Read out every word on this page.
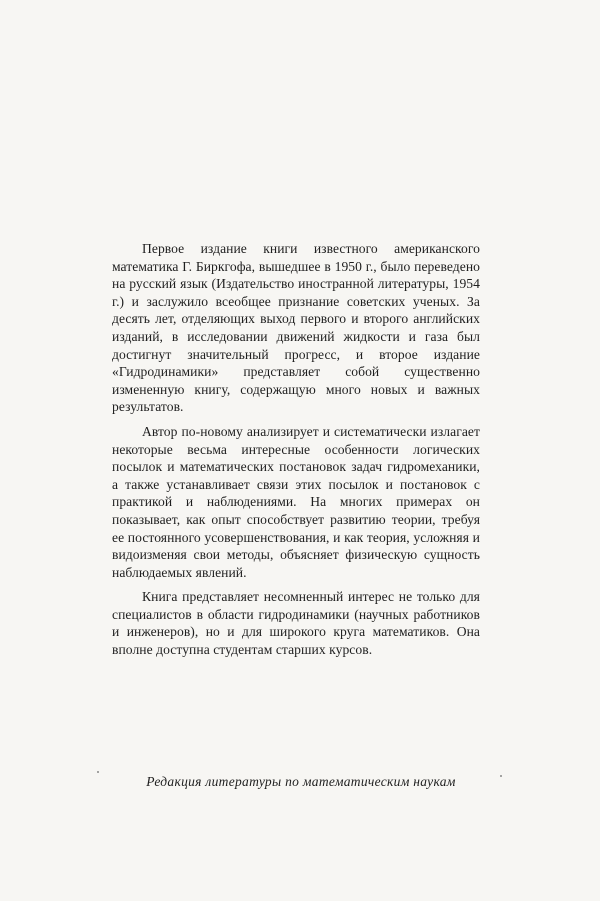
Первое издание книги известного американского математика Г. Биркгофа, вышедшее в 1950 г., было переведено на русский язык (Издательство иностранной литературы, 1954 г.) и заслужило всеобщее признание советских ученых. За десять лет, отделяющих выход первого и второго английских изданий, в исследовании движений жидкости и газа был достигнут значительный прогресс, и второе издание «Гидродинамики» представляет собой существенно измененную книгу, содержащую много новых и важных результатов.

Автор по-новому анализирует и систематически излагает некоторые весьма интересные особенности логических посылок и математических постановок задач гидромеханики, а также устанавливает связи этих посылок и постановок с практикой и наблюдениями. На многих примерах он показывает, как опыт способствует развитию теории, требуя ее постоянного усовершенствования, и как теория, усложняя и видоизменяя свои методы, объясняет физическую сущность наблюдаемых явлений.

Книга представляет несомненный интерес не только для специалистов в области гидродинамики (научных работников и инженеров), но и для широкого круга математиков. Она вполне доступна студентам старших курсов.

Редакция литературы по математическим наукам
